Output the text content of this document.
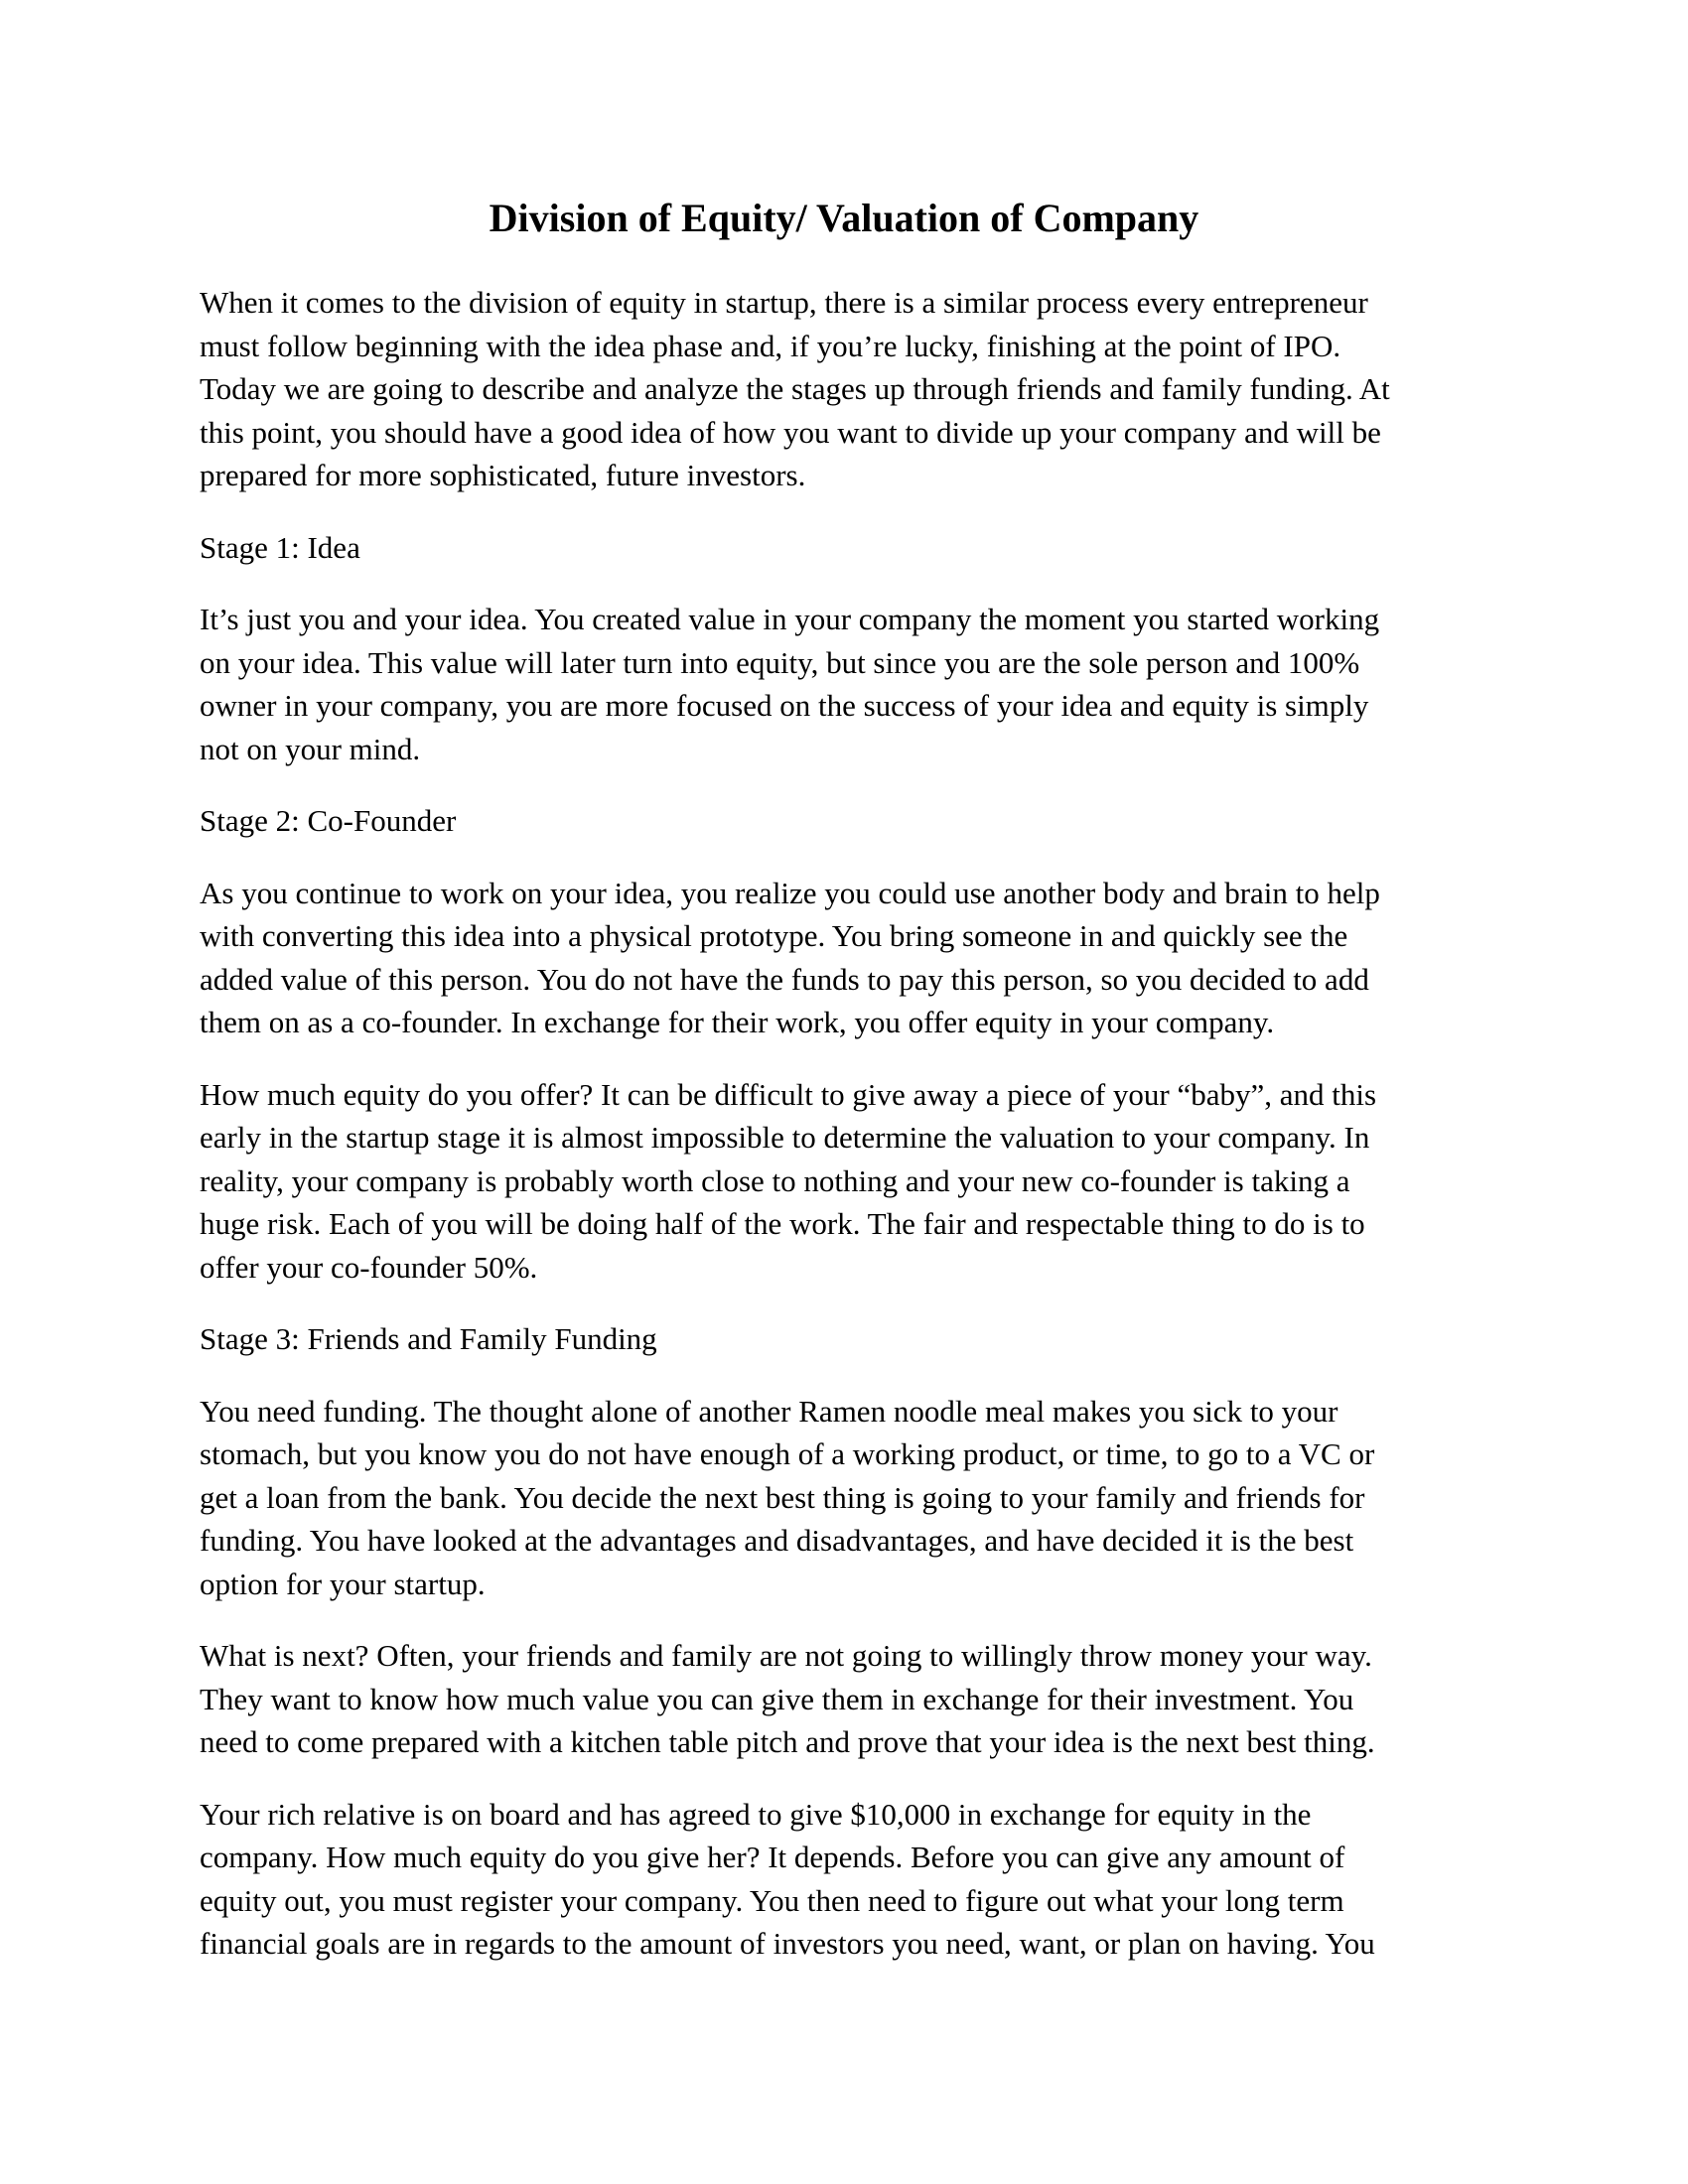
Division of Equity/ Valuation of Company
When it comes to the division of equity in startup, there is a similar process every entrepreneur
must follow beginning with the idea phase and, if you’re lucky, finishing at the point of IPO.
Today we are going to describe and analyze the stages up through friends and family funding. At
this point, you should have a good idea of how you want to divide up your company and will be
prepared for more sophisticated, future investors.
Stage 1: Idea
It’s just you and your idea. You created value in your company the moment you started working
on your idea. This value will later turn into equity, but since you are the sole person and 100%
owner in your company, you are more focused on the success of your idea and equity is simply
not on your mind.
Stage 2: Co-Founder
As you continue to work on your idea, you realize you could use another body and brain to help
with converting this idea into a physical prototype. You bring someone in and quickly see the
added value of this person. You do not have the funds to pay this person, so you decided to add
them on as a co-founder. In exchange for their work, you offer equity in your company.
How much equity do you offer? It can be difficult to give away a piece of your “baby”, and this
early in the startup stage it is almost impossible to determine the valuation to your company. In
reality, your company is probably worth close to nothing and your new co-founder is taking a
huge risk. Each of you will be doing half of the work. The fair and respectable thing to do is to
offer your co-founder 50%.
Stage 3: Friends and Family Funding
You need funding. The thought alone of another Ramen noodle meal makes you sick to your
stomach, but you know you do not have enough of a working product, or time, to go to a VC or
get a loan from the bank. You decide the next best thing is going to your family and friends for
funding. You have looked at the advantages and disadvantages, and have decided it is the best
option for your startup.
What is next? Often, your friends and family are not going to willingly throw money your way.
They want to know how much value you can give them in exchange for their investment. You
need to come prepared with a kitchen table pitch and prove that your idea is the next best thing.
Your rich relative is on board and has agreed to give $10,000 in exchange for equity in the
company. How much equity do you give her? It depends. Before you can give any amount of
equity out, you must register your company. You then need to figure out what your long term
financial goals are in regards to the amount of investors you need, want, or plan on having. You
